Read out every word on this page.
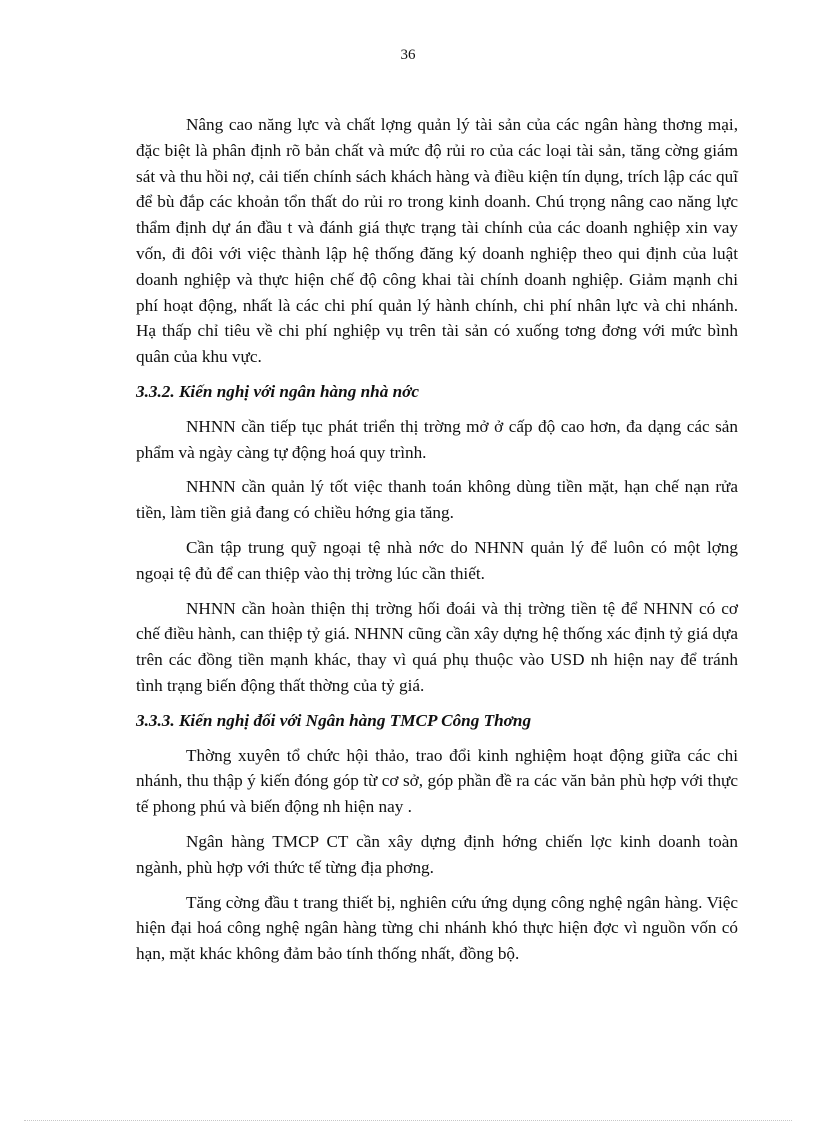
36

Nâng cao năng lực và chất lợng quản lý tài sản của các ngân hàng thơng mại, đặc biệt là phân định rõ bản chất và mức độ rủi ro của các loại tài sản, tăng cờng giám sát và thu hồi nợ, cải tiến chính sách khách hàng và điều kiện tín dụng, trích lập các quĩ để bù đắp các khoản tổn thất do rủi ro trong kinh doanh. Chú trọng nâng cao năng lực thẩm định dự án đầu t và đánh giá thực trạng tài chính của các doanh nghiệp xin vay vốn, đi đôi với việc thành lập hệ thống đăng ký doanh nghiệp theo qui định của luật doanh nghiệp và thực hiện chế độ công khai tài chính doanh nghiệp. Giảm mạnh chi phí hoạt động, nhất là các chi phí quản lý hành chính, chi phí nhân lực và chi nhánh. Hạ thấp chỉ tiêu về chi phí nghiệp vụ trên tài sản có xuống tơng đơng với mức bình quân của khu vực.

3.3.2. Kiến nghị với ngân hàng nhà nớc

NHNN cần tiếp tục phát triển thị trờng mở ở cấp độ cao hơn, đa dạng các sản phẩm và ngày càng tự động hoá quy trình.

NHNN cần quản lý tốt việc thanh toán không dùng tiền mặt, hạn chế nạn rửa tiền, làm tiền giả đang có chiều hớng gia tăng.

Cần tập trung quỹ ngoại tệ nhà nớc do NHNN quản lý để luôn có một lợng ngoại tệ đủ để can thiệp vào thị trờng lúc cần thiết.

NHNN cần hoàn thiện thị trờng hối đoái và thị trờng tiền tệ để NHNN có cơ chế điều hành, can thiệp tỷ giá. NHNN cũng cần xây dựng hệ thống xác định tỷ giá dựa trên các đồng tiền mạnh khác, thay vì quá phụ thuộc vào USD nh hiện nay để tránh tình trạng biến động thất thờng của tỷ giá.

3.3.3. Kiến nghị đối với Ngân hàng TMCP Công Thơng

Thờng xuyên tổ chức hội thảo, trao đổi kinh nghiệm hoạt động giữa các chi nhánh, thu thập ý kiến đóng góp từ cơ sở, góp phần đề ra các văn bản phù hợp với thực tế phong phú và biến động nh hiện nay .

Ngân hàng TMCP CT cần xây dựng định hớng chiến lợc kinh doanh toàn ngành, phù hợp với thức tế từng địa phơng.

Tăng cờng đầu t trang thiết bị, nghiên cứu ứng dụng công nghệ ngân hàng. Việc hiện đại hoá công nghệ ngân hàng từng chi nhánh khó thực hiện đợc vì nguồn vốn có hạn, mặt khác không đảm bảo tính thống nhất, đồng bộ.
